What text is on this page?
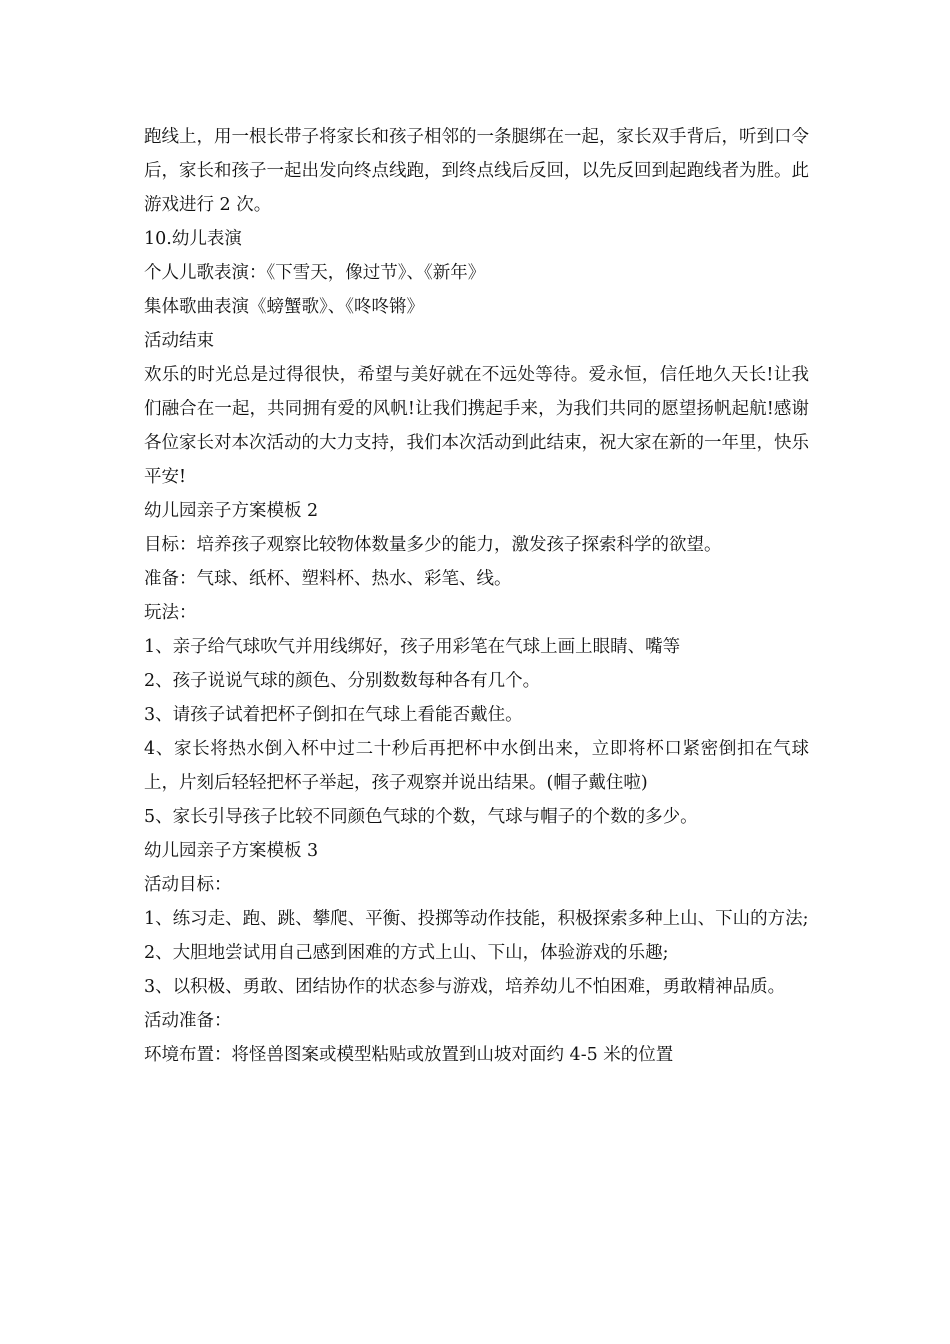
跑线上，用一根长带子将家长和孩子相邻的一条腿绑在一起，家长双手背后，听到口令后，家长和孩子一起出发向终点线跑，到终点线后反回，以先反回到起跑线者为胜。此游戏进行 2 次。

10.幼儿表演

个人儿歌表演：《下雪天，像过节》、《新年》

集体歌曲表演《螃蟹歌》、《咚咚锵》

活动结束

欢乐的时光总是过得很快，希望与美好就在不远处等待。爱永恒，信任地久天长!让我们融合在一起，共同拥有爱的风帆!让我们携起手来，为我们共同的愿望扬帆起航!感谢各位家长对本次活动的大力支持，我们本次活动到此结束，祝大家在新的一年里，快乐平安!

幼儿园亲子方案模板 2

目标：培养孩子观察比较物体数量多少的能力，激发孩子探索科学的欲望。

准备：气球、纸杯、塑料杯、热水、彩笔、线。

玩法：

1、亲子给气球吹气并用线绑好，孩子用彩笔在气球上画上眼睛、嘴等

2、孩子说说气球的颜色、分别数数每种各有几个。

3、请孩子试着把杯子倒扣在气球上看能否戴住。

4、家长将热水倒入杯中过二十秒后再把杯中水倒出来，立即将杯口紧密倒扣在气球上，片刻后轻轻把杯子举起，孩子观察并说出结果。(帽子戴住啦)

5、家长引导孩子比较不同颜色气球的个数，气球与帽子的个数的多少。

幼儿园亲子方案模板 3

活动目标：

1、练习走、跑、跳、攀爬、平衡、投掷等动作技能，积极探索多种上山、下山的方法;

2、大胆地尝试用自己感到困难的方式上山、下山，体验游戏的乐趣;

3、以积极、勇敢、团结协作的状态参与游戏，培养幼儿不怕困难，勇敢精神品质。

活动准备：

环境布置：将怪兽图案或模型粘贴或放置到山坡对面约 4-5 米的位置
